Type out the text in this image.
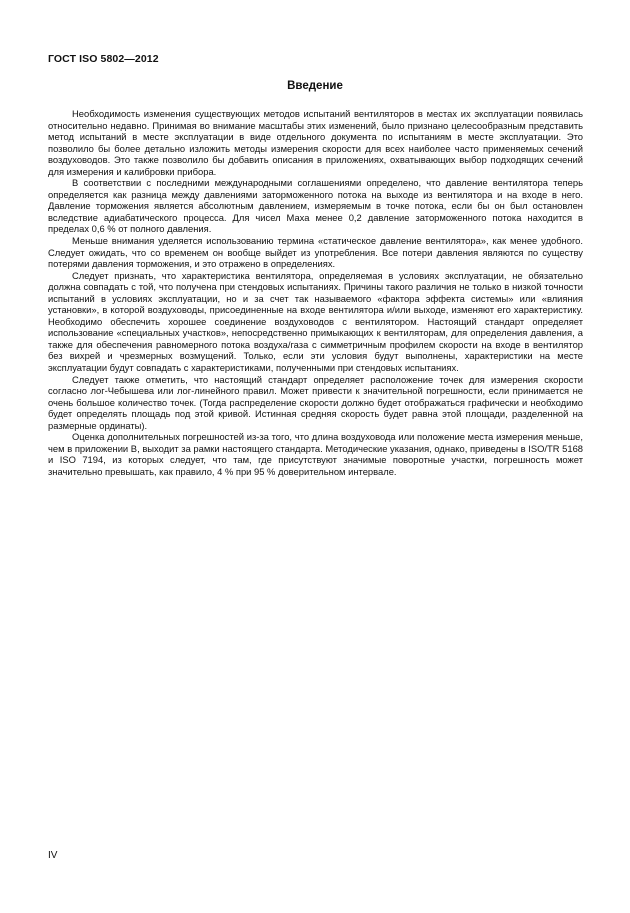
ГОСТ ISO 5802—2012
Введение

Необходимость изменения существующих методов испытаний вентиляторов в местах их эксплуатации появилась относительно недавно. Принимая во внимание масштабы этих изменений, было признано целесообразным представить метод испытаний в месте эксплуатации в виде отдельного документа по испытаниям в месте эксплуатации. Это позволило бы более детально изложить методы измерения скорости для всех наиболее часто применяемых сечений воздуховодов. Это также позволило бы добавить описания в приложениях, охватывающих выбор подходящих сечений для измерения и калибровки прибора.

В соответствии с последними международными соглашениями определено, что давление вентилятора теперь определяется как разница между давлениями заторможенного потока на выходе из вентилятора и на входе в него. Давление торможения является абсолютным давлением, измеряемым в точке потока, если бы он был остановлен вследствие адиабатического процесса. Для чисел Маха менее 0,2 давление заторможенного потока находится в пределах 0,6 % от полного давления.

Меньше внимания уделяется использованию термина «статическое давление вентилятора», как менее удобного. Следует ожидать, что со временем он вообще выйдет из употребления. Все потери давления являются по существу потерями давления торможения, и это отражено в определениях.

Следует признать, что характеристика вентилятора, определяемая в условиях эксплуатации, не обязательно должна совпадать с той, что получена при стендовых испытаниях. Причины такого различия не только в низкой точности испытаний в условиях эксплуатации, но и за счет так называемого «фактора эффекта системы» или «влияния установки», в которой воздуховоды, присоединенные на входе вентилятора и/или выходе, изменяют его характеристику. Необходимо обеспечить хорошее соединение воздуховодов с вентилятором. Настоящий стандарт определяет использование «специальных участков», непосредственно примыкающих к вентиляторам, для определения давления, а также для обеспечения равномерного потока воздуха/газа с симметричным профилем скорости на входе в вентилятор без вихрей и чрезмерных возмущений. Только, если эти условия будут выполнены, характеристики на месте эксплуатации будут совпадать с характеристиками, полученными при стендовых испытаниях.

Следует также отметить, что настоящий стандарт определяет расположение точек для измерения скорости согласно лог-Чебышева или лог-линейного правил. Может привести к значительной погрешности, если принимается не очень большое количество точек. (Тогда распределение скорости должно будет отображаться графически и необходимо будет определять площадь под этой кривой. Истинная средняя скорость будет равна этой площади, разделенной на размерные ординаты).

Оценка дополнительных погрешностей из-за того, что длина воздуховода или положение места измерения меньше, чем в приложении В, выходит за рамки настоящего стандарта. Методические указания, однако, приведены в ISO/TR 5168 и ISO 7194, из которых следует, что там, где присутствуют значимые поворотные участки, погрешность может значительно превышать, как правило, 4 % при 95 % доверительном интервале.

IV
